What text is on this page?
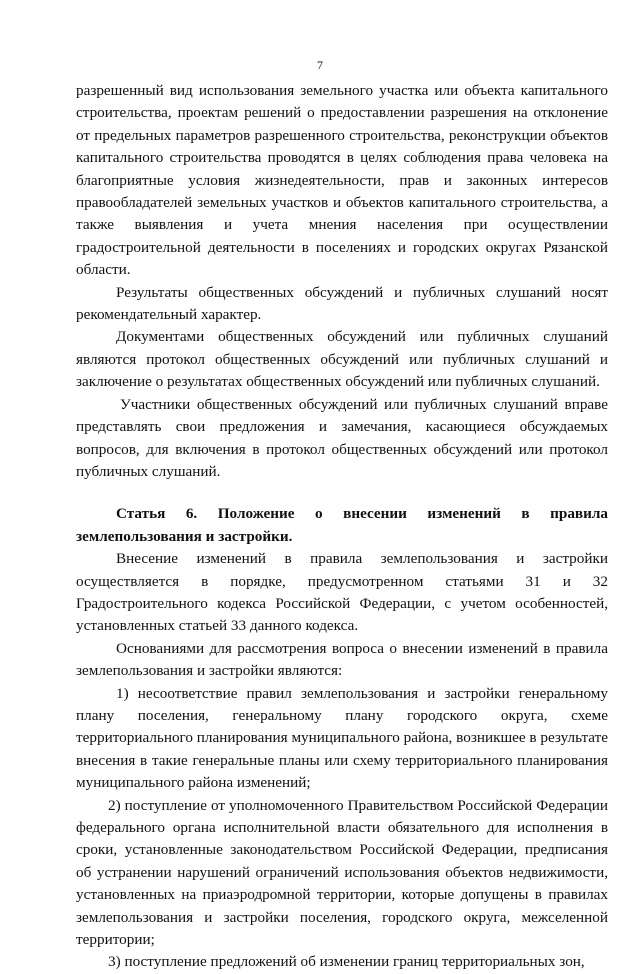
7

разрешенный вид использования земельного участка или объекта капитального строительства, проектам решений о предоставлении разрешения на отклонение от предельных параметров разрешенного строительства, реконструкции объектов капитального строительства проводятся в целях соблюдения права человека на благоприятные условия жизнедеятельности, прав и законных интересов правообладателей земельных участков и объектов капитального строительства, а также выявления и учета мнения населения при осуществлении градостроительной деятельности в поселениях и городских округах Рязанской области.

Результаты общественных обсуждений и публичных слушаний носят рекомендательный характер.

Документами общественных обсуждений или публичных слушаний являются протокол общественных обсуждений или публичных слушаний и заключение о результатах общественных обсуждений или публичных слушаний.

Участники общественных обсуждений или публичных слушаний вправе представлять свои предложения и замечания, касающиеся обсуждаемых вопросов, для включения в протокол общественных обсуждений или протокол публичных слушаний.

Статья 6. Положение о внесении изменений в правила землепользования и застройки.

Внесение изменений в правила землепользования и застройки осуществляется в порядке, предусмотренном статьями 31 и 32 Градостроительного кодекса Российской Федерации, с учетом особенностей, установленных статьей 33 данного кодекса.

Основаниями для рассмотрения вопроса о внесении изменений в правила землепользования и застройки являются:

1) несоответствие правил землепользования и застройки генеральному плану поселения, генеральному плану городского округа, схеме территориального планирования муниципального района, возникшее в результате внесения в такие генеральные планы или схему территориального планирования муниципального района изменений;

2) поступление от уполномоченного Правительством Российской Федерации федерального органа исполнительной власти обязательного для исполнения в сроки, установленные законодательством Российской Федерации, предписания об устранении нарушений ограничений использования объектов недвижимости, установленных на приаэродромной территории, которые допущены в правилах землепользования и застройки поселения, городского округа, межселенной территории;

3) поступление предложений об изменении границ территориальных зон,
